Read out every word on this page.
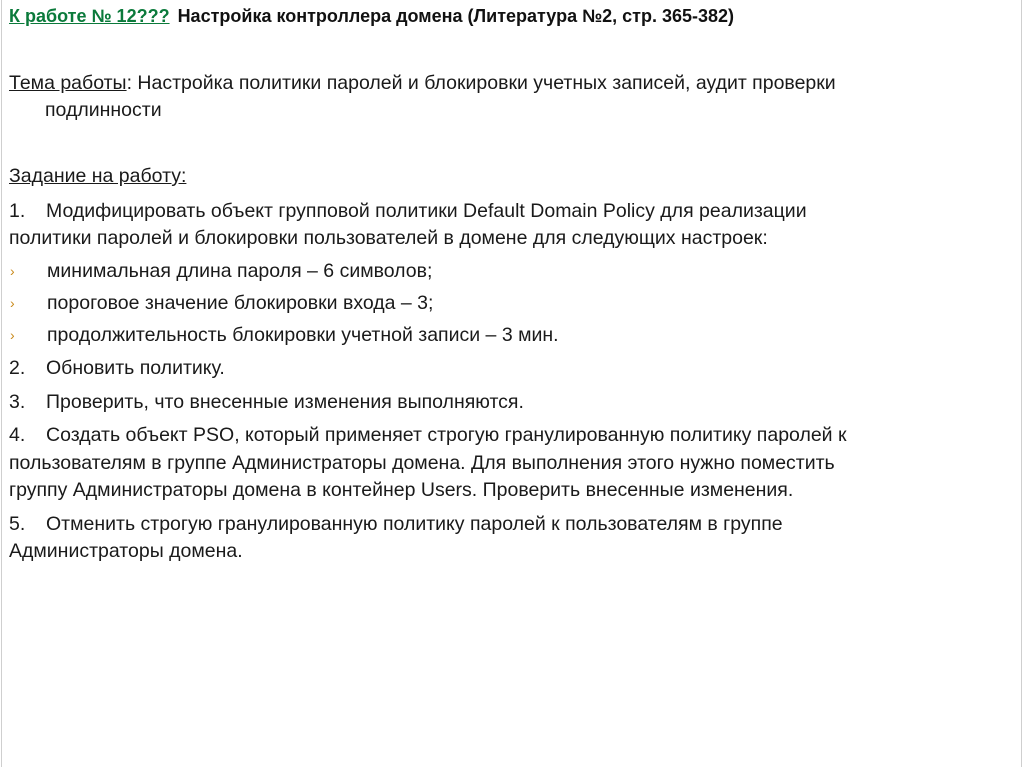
К работе № 12??? Настройка контроллера домена (Литература №2, стр. 365-382)
Тема работы: Настройка политики паролей и блокировки учетных записей, аудит проверки
подлинности
Задание на работу:
1. Модифицировать объект групповой политики Default Domain Policy для реализации
политики паролей и блокировки пользователей в домене для следующих настроек:
› минимальная длина пароля – 6 символов;
› пороговое значение блокировки входа – 3;
› продолжительность блокировки учетной записи – 3 мин.
2. Обновить политику.
3. Проверить, что внесенные изменения выполняются.
4. Создать объект PSO, который применяет строгую гранулированную политику паролей к
пользователям в группе Администраторы домена. Для выполнения этого нужно поместить
группу Администраторы домена в контейнер Users. Проверить внесенные изменения.
5. Отменить строгую гранулированную политику паролей к пользователям в группе
Администраторы домена.
